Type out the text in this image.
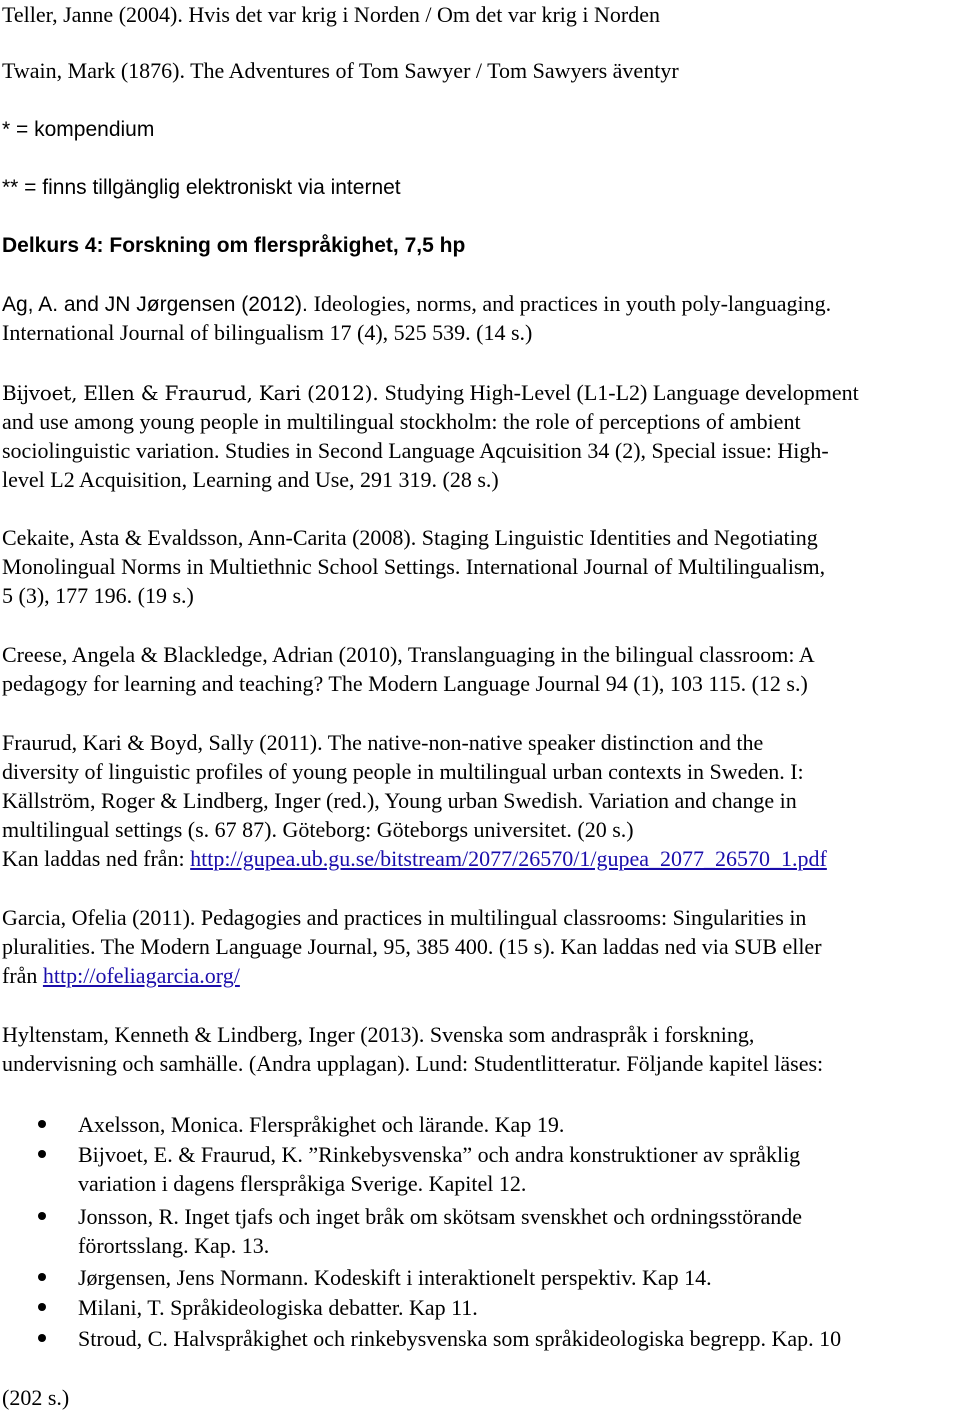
Teller, Janne (2004). Hvis det var krig i Norden / Om det var krig i Norden
Twain, Mark (1876). The Adventures of Tom Sawyer / Tom Sawyers äventyr
* = kompendium
** = finns tillgänglig elektroniskt via internet
Delkurs 4: Forskning om flerspråkighet, 7,5 hp
Ag, A. and JN Jørgensen (2012). Ideologies, norms, and practices in youth poly-languaging.
International Journal of bilingualism 17 (4), 525 539. (14 s.)
Bijvoet, Ellen & Fraurud, Kari (2012). Studying High-Level (L1-L2) Language development
and use among young people in multilingual stockholm: the role of perceptions of ambient
sociolinguistic variation. Studies in Second Language Aqcuisition 34 (2), Special issue: High-
level L2 Acquisition, Learning and Use, 291 319. (28 s.)
Cekaite, Asta & Evaldsson, Ann-Carita (2008). Staging Linguistic Identities and Negotiating
Monolingual Norms in Multiethnic School Settings. International Journal of Multilingualism,
5 (3), 177 196. (19 s.)
Creese, Angela & Blackledge, Adrian (2010), Translanguaging in the bilingual classroom: A
pedagogy for learning and teaching? The Modern Language Journal 94 (1), 103 115. (12 s.)
Fraurud, Kari & Boyd, Sally (2011). The native-non-native speaker distinction and the
diversity of linguistic profiles of young people in multilingual urban contexts in Sweden. I:
Källström, Roger & Lindberg, Inger (red.), Young urban Swedish. Variation and change in
multilingual settings (s. 67 87). Göteborg: Göteborgs universitet. (20 s.)
Kan laddas ned från: http://gupea.ub.gu.se/bitstream/2077/26570/1/gupea_2077_26570_1.pdf
Garcia, Ofelia (2011). Pedagogies and practices in multilingual classrooms: Singularities in
pluralities. The Modern Language Journal, 95, 385 400. (15 s). Kan laddas ned via SUB eller
från http://ofeliagarcia.org/
Hyltenstam, Kenneth & Lindberg, Inger (2013). Svenska som andraspråk i forskning,
undervisning och samhälle. (Andra upplagan). Lund: Studentlitteratur. Följande kapitel läses:
Axelsson, Monica. Flerspråkighet och lärande. Kap 19.
Bijvoet, E. & Fraurud, K. ”Rinkebysvenska” och andra konstruktioner av språklig
variation i dagens flerspråkiga Sverige. Kapitel 12.
Jonsson, R. Inget tjafs och inget bråk om skötsam svenskhet och ordningsstörande
förortsslang. Kap. 13.
Jørgensen, Jens Normann. Kodeskift i interaktionelt perspektiv. Kap 14.
Milani, T. Språkideologiska debatter. Kap 11.
Stroud, C. Halvspråkighet och rinkebysvenska som språkideologiska begrepp. Kap. 10
(202 s.)
